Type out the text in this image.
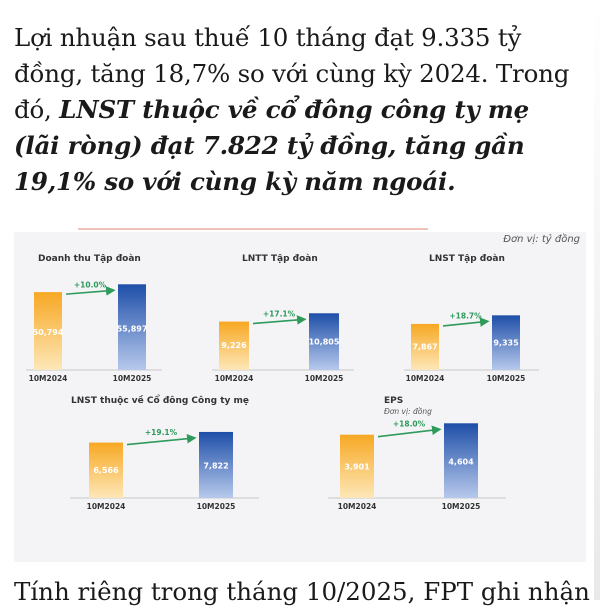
Lợi nhuận sau thuế 10 tháng đạt 9.335 tỷ đồng, tăng 18,7% so với cùng kỳ 2024. Trong đó, LNST thuộc về cổ đông công ty mẹ (lãi ròng) đạt 7.822 tỷ đồng, tăng gần 19,1% so với cùng kỳ năm ngoái.
Đơn vị: tỷ đồng
Doanh thu Tập đoàn
50,794
10M2024
55,897
10M2025
+10.0%
LNTT Tập đoàn
9,226
10M2024
10,805
10M2025
+17.1%
LNST Tập đoàn
7,867
10M2024
9,335
10M2025
+18.7%
LNST thuộc về Cổ đông Công ty mẹ
6,566
10M2024
7,822
10M2025
+19.1%
EPS
Đơn vị: đồng
3,901
10M2024
4,604
10M2025
+18.0%
Tính riêng trong tháng 10/2025, FPT ghi nhận
